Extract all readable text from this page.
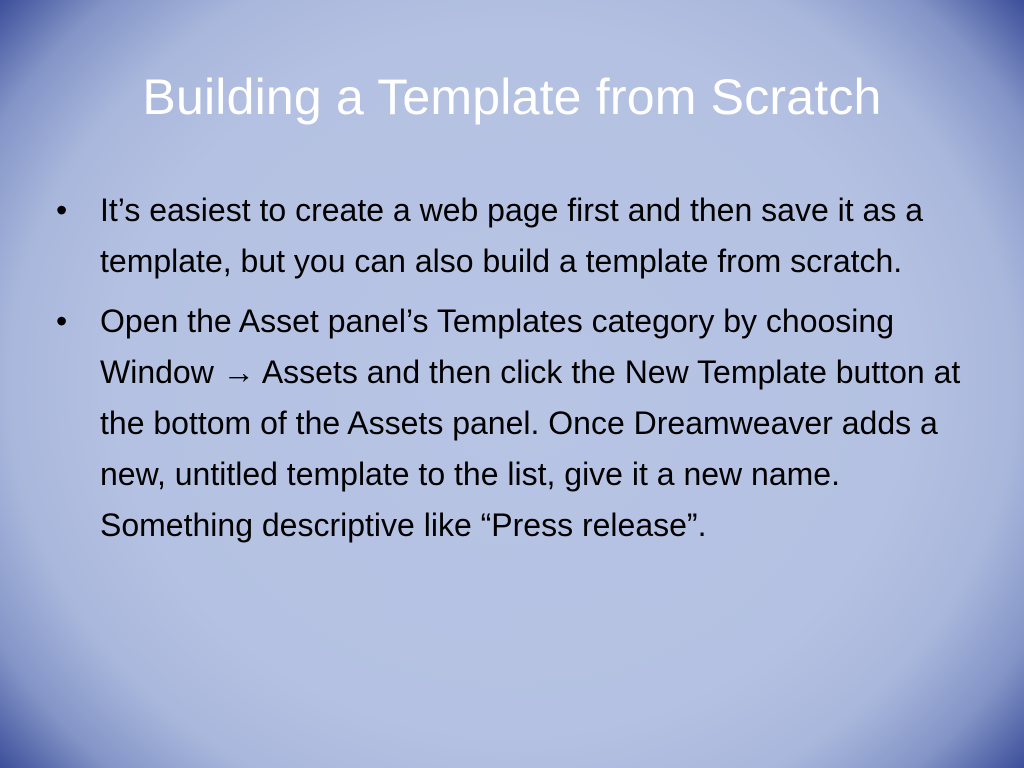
Building a Template from Scratch
•	It’s easiest to create a web page first and then save it as a template, but you can also build a template from scratch.
•	Open the Asset panel’s Templates category by choosing Window → Assets and then click the New Template button at the bottom of the Assets panel. Once Dreamweaver adds a new, untitled template to the list, give it a new name. Something descriptive like “Press release”.
